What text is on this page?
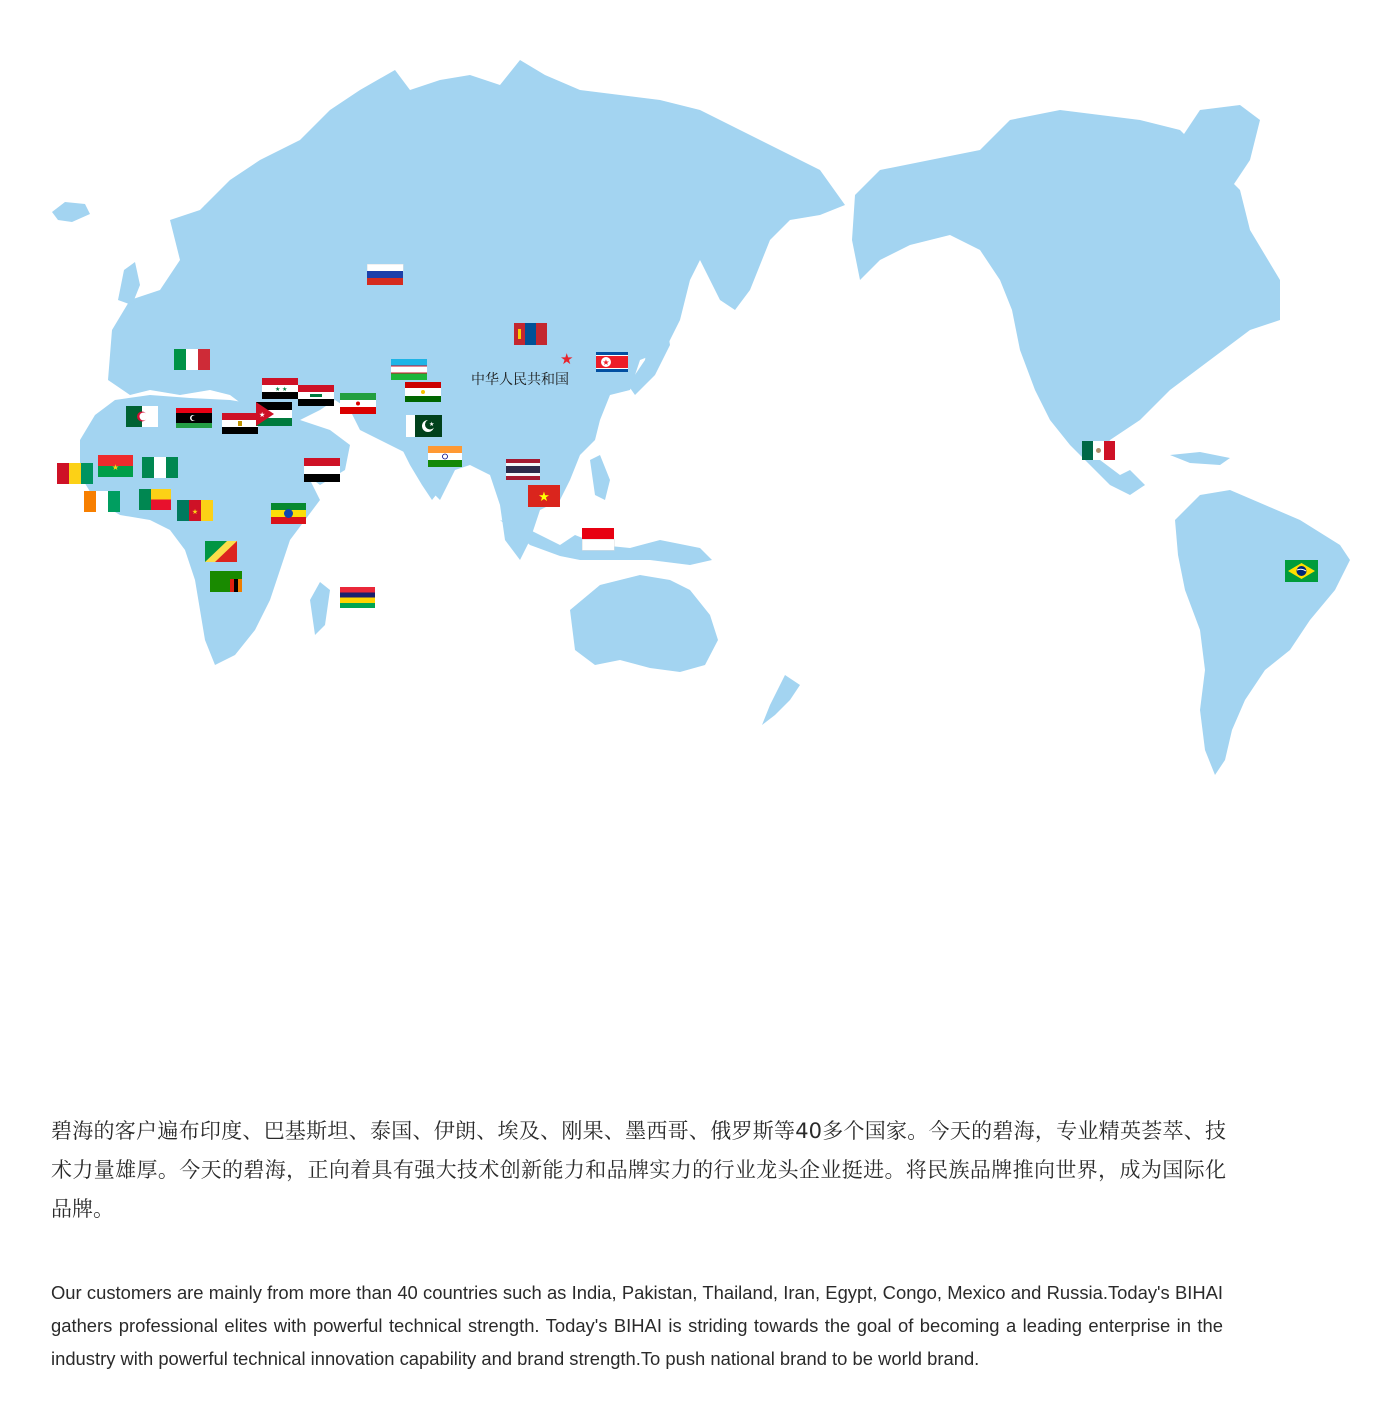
★
★ ★
★
★
★
★
★
★
中华人民共和国

碧海的客户遍布印度、巴基斯坦、泰国、伊朗、埃及、刚果、墨西哥、俄罗斯等40多个国家。今天的碧海，专业精英荟萃、技术力量雄厚。今天的碧海，正向着具有强大技术创新能力和品牌实力的行业龙头企业挺进。将民族品牌推向世界，成为国际化品牌。

Our customers are mainly from more than 40 countries such as India, Pakistan, Thailand, Iran, Egypt, Congo, Mexico and Russia.Today's BIHAI gathers professional elites with powerful technical strength. Today's BIHAI is striding towards the goal of becoming a leading enterprise in the industry with powerful technical innovation capability and brand strength.To push national brand to be world brand.
